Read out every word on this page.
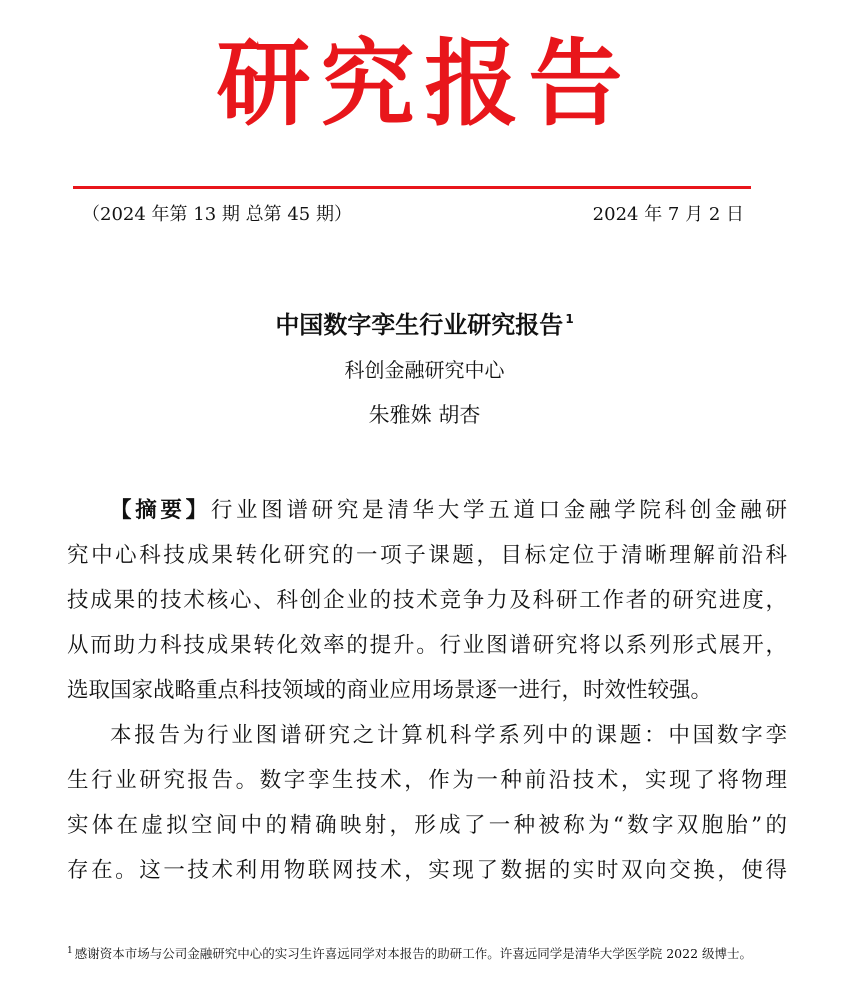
研究报告
（2024 年第 13 期 总第 45 期）	2024 年 7 月 2 日
中国数字孪生行业研究报告 $^1$
科创金融研究中心
朱雅姝 胡杏
【摘要】行业图谱研究是清华大学五道口金融学院科创金融研
究中心科技成果转化研究的一项子课题，目标定位于清晰理解前沿科
技成果的技术核心、科创企业的技术竞争力及科研工作者的研究进度，
从而助力科技成果转化效率的提升。行业图谱研究将以系列形式展开，
选取国家战略重点科技领域的商业应用场景逐一进行，时效性较强。
本报告为行业图谱研究之计算机科学系列中的课题：中国数字孪
生行业研究报告。数字孪生技术，作为一种前沿技术，实现了将物理
实体在虚拟空间中的精确映射，形成了一种被称为“数字双胞胎”的
存在。这一技术利用物联网技术，实现了数据的实时双向交换，使得
$^1$ 感谢资本市场与公司金融研究中心的实习生许喜远同学对本报告的助研工作。许喜远同学是清华大学医学院 2022 级博士。
